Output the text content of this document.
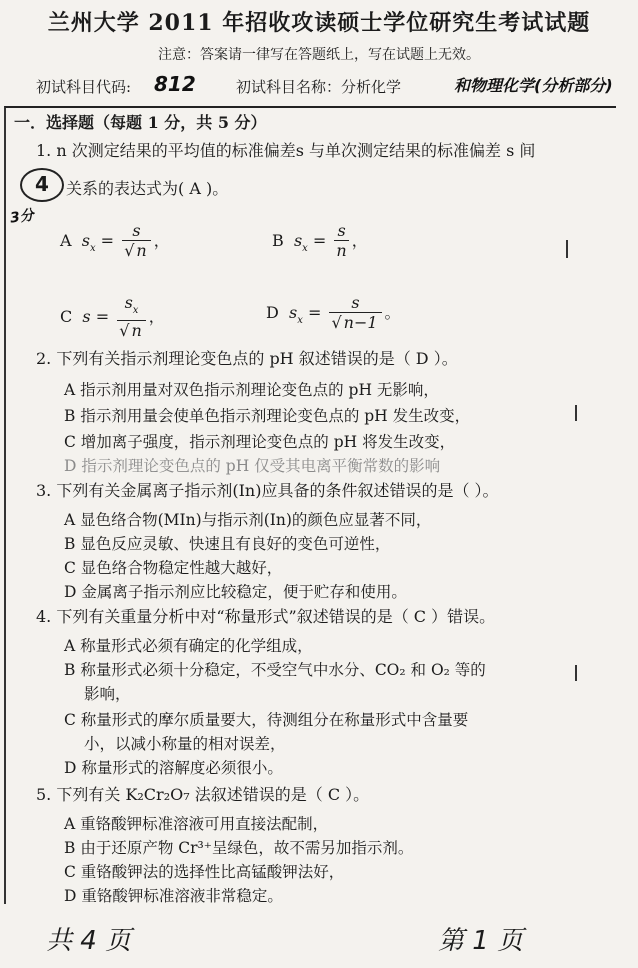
兰州大学 2011 年招收攻读硕士学位研究生考试试题
注意：答案请一律写在答题纸上，写在试题上无效。
初试科目代码: 812	初试科目名称：分析化学	和物理化学(分析部分)
一．选择题（每题 1 分，共 5 分）
1. n 次测定结果的平均值的标准偏差s 与单次测定结果的标准偏差 s 间
4	关系的表达式为( A )。
3分
A  $s_x = \frac{s}{√ n}$ ，	B  $s_x = \frac{s}{n}$ ，
C  $s = \frac{s_x}{√ n}$ ，	D  $s_x = \frac{s}{√ n-1}$ 。
2. 下列有关指示剂理论变色点的 pH 叙述错误的是（ D ）。
A 指示剂用量对双色指示剂理论变色点的 pH 无影响，
B 指示剂用量会使单色指示剂理论变色点的 pH 发生改变，
C 增加离子强度，指示剂理论变色点的 pH 将发生改变，
D 指示剂理论变色点的 pH 仅受其电离平衡常数的影响
3. 下列有关金属离子指示剂(In)应具备的条件叙述错误的是（ ）。
A 显色络合物(MIn)与指示剂(In)的颜色应显著不同，
B 显色反应灵敏、快速且有良好的变色可逆性，
C 显色络合物稳定性越大越好，
D 金属离子指示剂应比较稳定，便于贮存和使用。
4. 下列有关重量分析中对“称量形式”叙述错误的是（ C ）错误。
A 称量形式必须有确定的化学组成，
B 称量形式必须十分稳定，不受空气中水分、CO₂ 和 O₂ 等的
影响，
C 称量形式的摩尔质量要大，待测组分在称量形式中含量要
小，以减小称量的相对误差，
D 称量形式的溶解度必须很小。
5. 下列有关 K₂Cr₂O₇ 法叙述错误的是（ C ）。
A 重铬酸钾标准溶液可用直接法配制，
B 由于还原产物 Cr³⁺呈绿色，故不需另加指示剂。
C 重铬酸钾法的选择性比高锰酸钾法好，
D 重铬酸钾标准溶液非常稳定。
共 4 页	第 1 页
